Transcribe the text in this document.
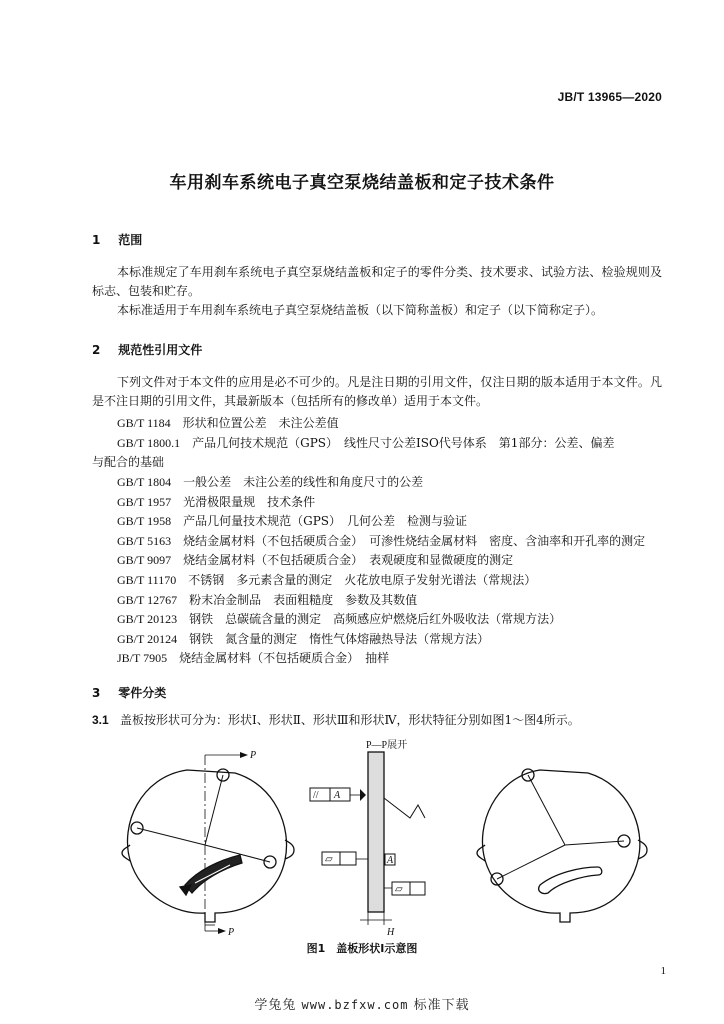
JB/T 13965—2020
车用刹车系统电子真空泵烧结盖板和定子技术条件
1 范围
本标准规定了车用刹车系统电子真空泵烧结盖板和定子的零件分类、技术要求、试验方法、检验规则及标志、包装和贮存。
本标准适用于车用刹车系统电子真空泵烧结盖板（以下简称盖板）和定子（以下简称定子）。
2 规范性引用文件
下列文件对于本文件的应用是必不可少的。凡是注日期的引用文件，仅注日期的版本适用于本文件。凡是不注日期的引用文件，其最新版本（包括所有的修改单）适用于本文件。
GB/T 1184  形状和位置公差　未注公差值
GB/T 1800.1  产品几何技术规范（GPS）　线性尺寸公差ISO代号体系　第1部分：公差、偏差
与配合的基础
GB/T 1804  一般公差　未注公差的线性和角度尺寸的公差
GB/T 1957  光滑极限量规　技术条件
GB/T 1958  产品几何量技术规范（GPS）　几何公差　检测与验证
GB/T 5163  烧结金属材料（不包括硬质合金）　可渗性烧结金属材料　密度、含油率和开孔率的测定
GB/T 9097  烧结金属材料（不包括硬质合金）　表观硬度和显微硬度的测定
GB/T 11170  不锈钢　多元素含量的测定　火花放电原子发射光谱法（常规法）
GB/T 12767  粉末冶金制品　表面粗糙度　参数及其数值
GB/T 20123  钢铁　总碳硫含量的测定　高频感应炉燃烧后红外吸收法（常规方法）
GB/T 20124  钢铁　氮含量的测定　惰性气体熔融热导法（常规方法）
JB/T 7905  烧结金属材料（不包括硬质合金）　抽样
3 零件分类
3.1 盖板按形状可分为：形状Ⅰ、形状Ⅱ、形状Ⅲ和形状Ⅳ，形状特征分别如图1～图4所示。
P—P展开
P
P
// A
▱	A
▱
H
图1　盖板形状Ⅰ示意图
1
学兔兔 www.bzfxw.com 标准下载
